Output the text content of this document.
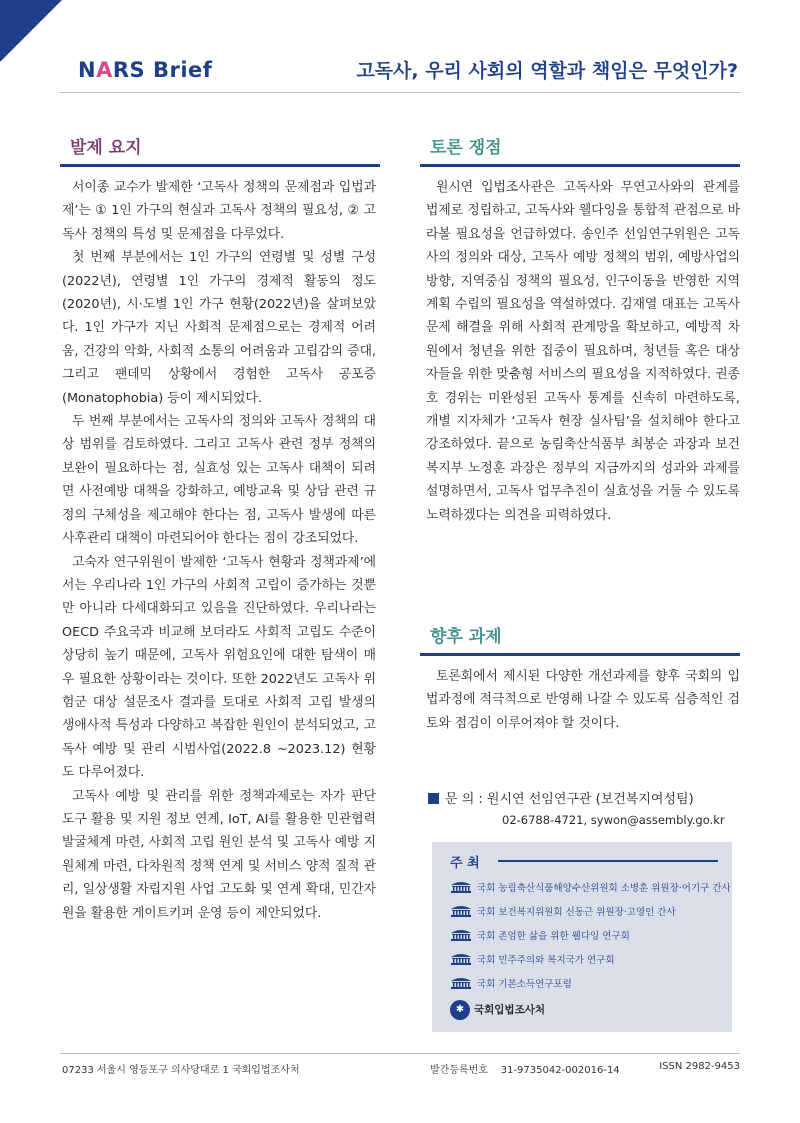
NARS Brief	고독사, 우리 사회의 역할과 책임은 무엇인가?
발제 요지

서이종 교수가 발제한 ‘고독사 정책의 문제점과 입법과제’는 ① 1인 가구의 현실과 고독사 정책의 필요성, ② 고독사 정책의 특성 및 문제점을 다루었다.

첫 번째 부분에서는 1인 가구의 연령별 및 성별 구성(2022년), 연령별 1인 가구의 경제적 활동의 정도(2020년), 시·도별 1인 가구 현황(2022년)을 살펴보았다. 1인 가구가 지닌 사회적 문제점으로는 경제적 어려움, 건강의 악화, 사회적 소통의 어려움과 고립감의 증대, 그리고 팬데믹 상황에서 경험한 고독사 공포증(Monatophobia) 등이 제시되었다.

두 번째 부분에서는 고독사의 정의와 고독사 정책의 대상 범위를 검토하였다. 그리고 고독사 관련 정부 정책의 보완이 필요하다는 점, 실효성 있는 고독사 대책이 되려면 사전예방 대책을 강화하고, 예방교육 및 상담 관련 규정의 구체성을 제고해야 한다는 점, 고독사 발생에 따른 사후관리 대책이 마련되어야 한다는 점이 강조되었다.

고숙자 연구위원이 발제한 ‘고독사 현황과 정책과제’에서는 우리나라 1인 가구의 사회적 고립이 증가하는 것뿐만 아니라 다세대화되고 있음을 진단하였다. 우리나라는 OECD 주요국과 비교해 보더라도 사회적 고립도 수준이 상당히 높기 때문에, 고독사 위험요인에 대한 탐색이 매우 필요한 상황이라는 것이다. 또한 2022년도 고독사 위험군 대상 설문조사 결과를 토대로 사회적 고립 발생의 생애사적 특성과 다양하고 복잡한 원인이 분석되었고, 고독사 예방 및 관리 시범사업(2022.8 ~2023.12) 현황도 다루어졌다.

고독사 예방 및 관리를 위한 정책과제로는 자가 판단 도구 활용 및 지원 정보 연계, IoT, AI를 활용한 민관협력 발굴체계 마련, 사회적 고립 원인 분석 및 고독사 예방 지원체계 마련, 다차원적 정책 연계 및 서비스 양적 질적 관리, 일상생활 자립지원 사업 고도화 및 연계 확대, 민간자원을 활용한 게이트키퍼 운영 등이 제안되었다.

토론 쟁점

원시연 입법조사관은 고독사와 무연고사와의 관계를 법제로 정립하고, 고독사와 웰다잉을 통합적 관점으로 바라볼 필요성을 언급하였다. 송인주 선임연구위원은 고독사의 정의와 대상, 고독사 예방 정책의 범위, 예방사업의 방향, 지역중심 정책의 필요성, 인구이동을 반영한 지역계획 수립의 필요성을 역설하였다. 김재열 대표는 고독사 문제 해결을 위해 사회적 관계망을 확보하고, 예방적 차원에서 청년을 위한 집중이 필요하며, 청년들 혹은 대상자들을 위한 맞춤형 서비스의 필요성을 지적하였다. 권종호 경위는 미완성된 고독사 통계를 신속히 마련하도록, 개별 지자체가 ‘고독사 현장 실사팀’을 설치해야 한다고 강조하였다. 끝으로 농림축산식품부 최봉순 과장과 보건복지부 노정훈 과장은 정부의 지금까지의 성과와 과제를 설명하면서, 고독사 업무추진이 실효성을 거둘 수 있도록 노력하겠다는 의견을 피력하였다.

향후 과제

토론회에서 제시된 다양한 개선과제를 향후 국회의 입법과정에 적극적으로 반영해 나갈 수 있도록 심층적인 검토와 점검이 이루어져야 할 것이다.

문 의 : 원시연 선임연구관 (보건복지여성팀)
02-6788-4721, sywon@assembly.go.kr
주 최
국회 농림축산식품해양수산위원회 소병훈 위원장·어기구 간사
국회 보건복지위원회 신동근 위원장·고영인 간사
국회 존엄한 삶을 위한 웰다잉 연구회
국회 민주주의와 복지국가 연구회
국회 기본소득연구포럼
✱ 국회입법조사처
07233 서울시 영등포구 의사당대로 1 국회입법조사처	발간등록번호 31-9735042-002016-14	ISSN 2982-9453
